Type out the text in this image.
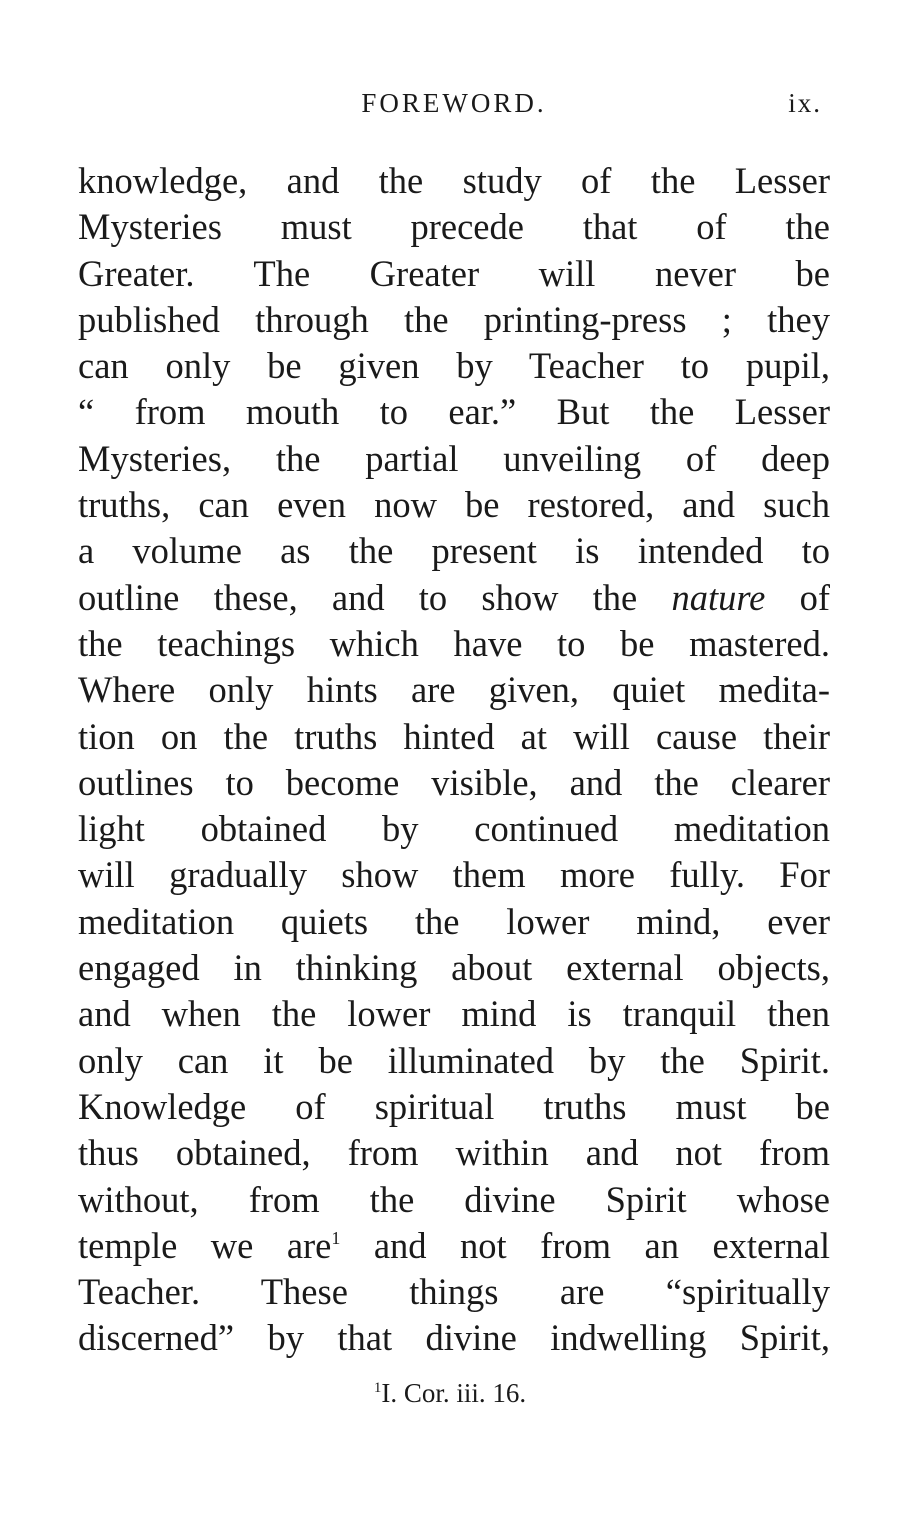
FOREWORD.	ix.
knowledge, and the study of the Lesser
Mysteries must precede that of the
Greater. The Greater will never be
published through the printing-press ; they
can only be given by Teacher to pupil,
“ from mouth to ear.” But the Lesser
Mysteries, the partial unveiling of deep
truths, can even now be restored, and such
a volume as the present is intended to
outline these, and to show the nature of
the teachings which have to be mastered.
Where only hints are given, quiet medita-
tion on the truths hinted at will cause their
outlines to become visible, and the clearer
light obtained by continued meditation
will gradually show them more fully. For
meditation quiets the lower mind, ever
engaged in thinking about external objects,
and when the lower mind is tranquil then
only can it be illuminated by the Spirit.
Knowledge of spiritual truths must be
thus obtained, from within and not from
without, from the divine Spirit whose
temple we are$^1$ and not from an external
Teacher. These things are “spiritually
discerned” by that divine indwelling Spirit,
$^1$I. Cor. iii. 16.
